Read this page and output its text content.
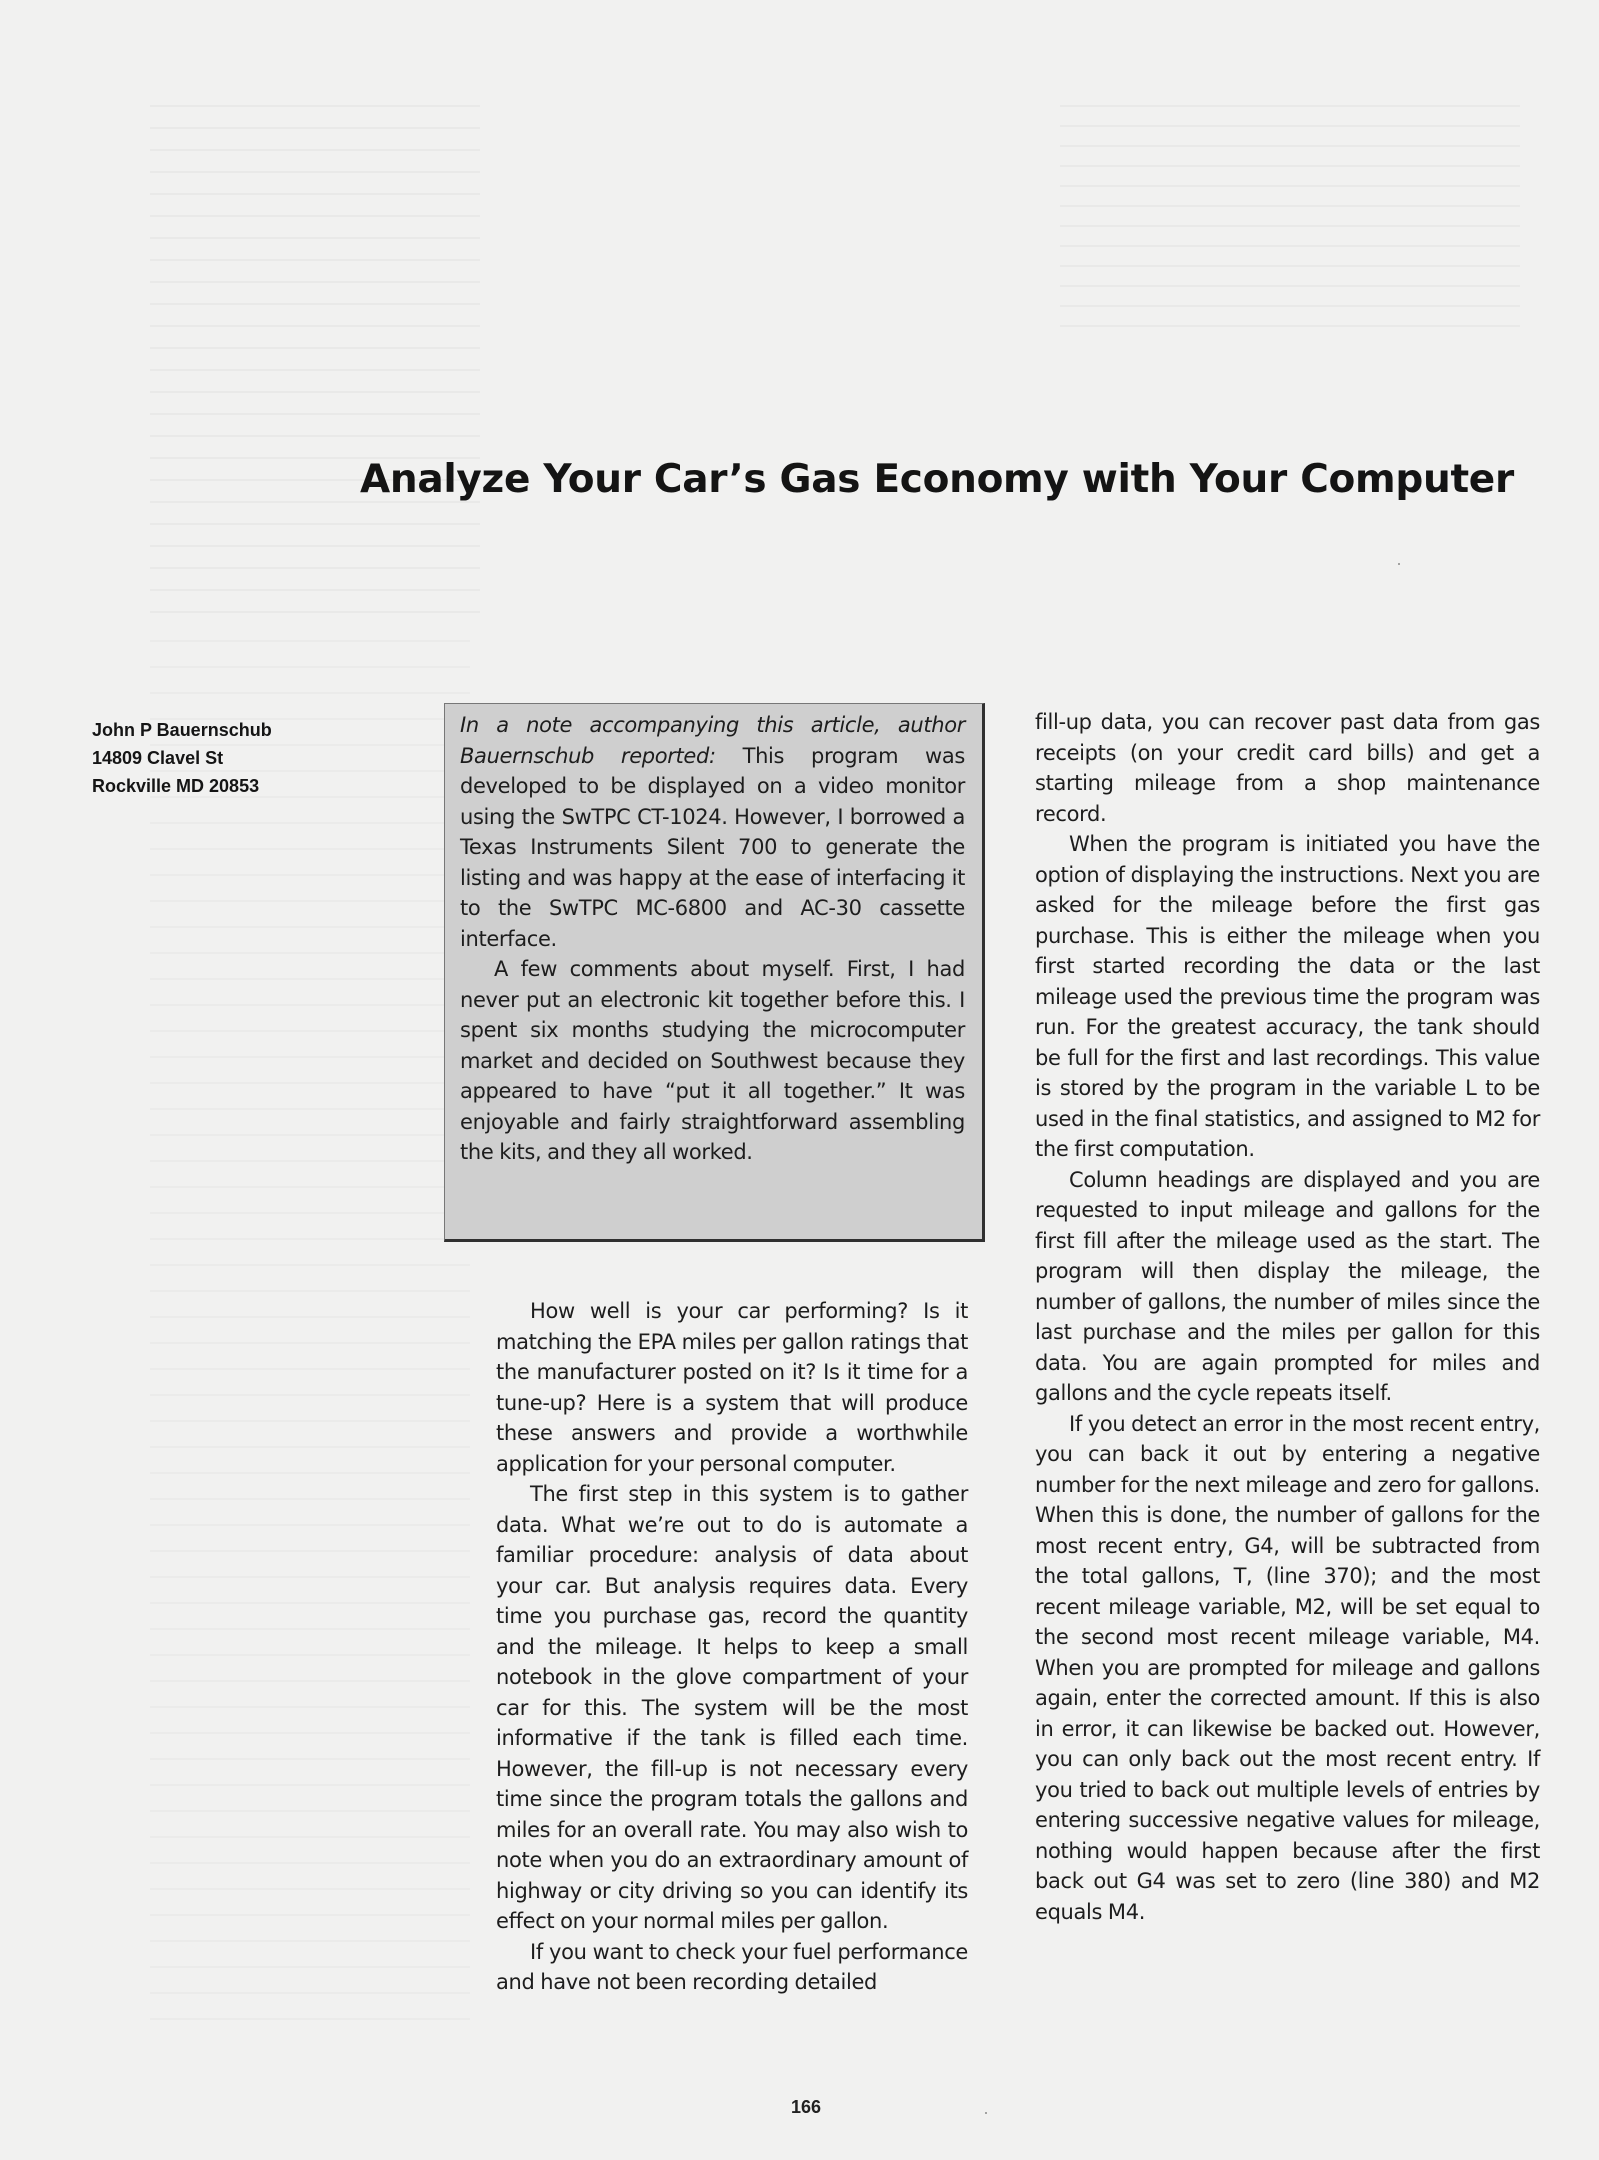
Analyze Your Car’s Gas Economy with Your Computer
John P Bauernschub
14809 Clavel St
Rockville MD 20853

In a note accompanying this article, author Bauernschub reported: This program was developed to be displayed on a video monitor using the SwTPC CT-1024. However, I borrowed a Texas Instruments Silent 700 to generate the listing and was happy at the ease of interfacing it to the SwTPC MC-6800 and AC-30 cassette interface.

A few comments about myself. First, I had never put an electronic kit together before this. I spent six months studying the microcomputer market and decided on Southwest because they appeared to have “put it all together.” It was enjoyable and fairly straightforward assembling the kits, and they all worked.

How well is your car performing? Is it matching the EPA miles per gallon ratings that the manufacturer posted on it? Is it time for a tune-up? Here is a system that will produce these answers and provide a worthwhile application for your personal computer.

The first step in this system is to gather data. What we’re out to do is automate a familiar procedure: analysis of data about your car. But analysis requires data. Every time you purchase gas, record the quantity and the mileage. It helps to keep a small notebook in the glove compartment of your car for this. The system will be the most informative if the tank is filled each time. However, the fill-up is not necessary every time since the program totals the gallons and miles for an overall rate. You may also wish to note when you do an extraordinary amount of highway or city driving so you can identify its effect on your normal miles per gallon.

If you want to check your fuel performance and have not been recording detailed

fill-up data, you can recover past data from gas receipts (on your credit card bills) and get a starting mileage from a shop maintenance record.

When the program is initiated you have the option of displaying the instructions. Next you are asked for the mileage before the first gas purchase. This is either the mileage when you first started recording the data or the last mileage used the previous time the program was run. For the greatest accuracy, the tank should be full for the first and last recordings. This value is stored by the program in the variable L to be used in the final statistics, and assigned to M2 for the first computation.

Column headings are displayed and you are requested to input mileage and gallons for the first fill after the mileage used as the start. The program will then display the mileage, the number of gallons, the number of miles since the last purchase and the miles per gallon for this data. You are again prompted for miles and gallons and the cycle repeats itself.

If you detect an error in the most recent entry, you can back it out by entering a negative number for the next mileage and zero for gallons. When this is done, the number of gallons for the most recent entry, G4, will be subtracted from the total gallons, T, (line 370); and the most recent mileage variable, M2, will be set equal to the second most recent mileage variable, M4. When you are prompted for mileage and gallons again, enter the corrected amount. If this is also in error, it can likewise be backed out. However, you can only back out the most recent entry. If you tried to back out multiple levels of entries by entering successive negative values for mileage, nothing would happen because after the first back out G4 was set to zero (line 380) and M2 equals M4.

166
